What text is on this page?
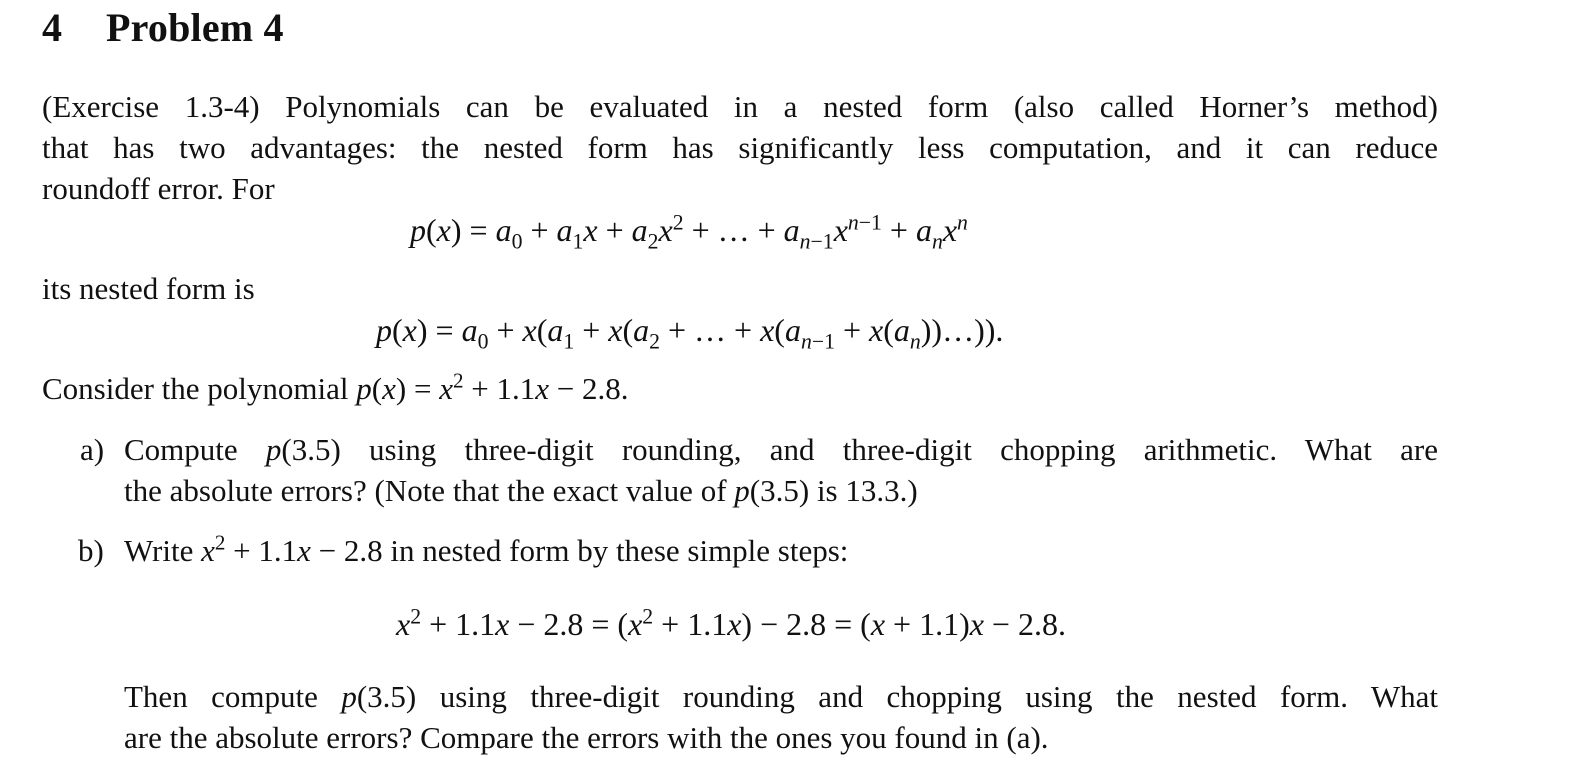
4 Problem 4
(Exercise 1.3-4) Polynomials can be evaluated in a nested form (also called Horner’s method)
that has two advantages: the nested form has significantly less computation, and it can reduce
roundoff error. For
$p(x) = a_0 + a_1x + a_2x^2$ + … + $a_{n-1}x^{n-1} + a_nx^n$
its nested form is
$p(x) = a_0 + x(a_1 + x(a_2$ + … + $x(a_{n-1}$ + $x(a_n))\dots$)).
Consider the polynomial $p(x) = x^2 + 1.1x - 2.8$.
a) Compute p(3.5) using three-digit rounding, and three-digit chopping arithmetic. What are
the absolute errors? (Note that the exact value of p(3.5) is 13.3.)
b) Write $x^2 + 1.1x - 2.8$ in nested form by these simple steps:
$x^2 + 1.1x - 2.8 = (x^2 + 1.1x) - 2.8 = (x + 1.1)x - 2.8$.
Then compute p(3.5) using three-digit rounding and chopping using the nested form. What
are the absolute errors? Compare the errors with the ones you found in (a).
